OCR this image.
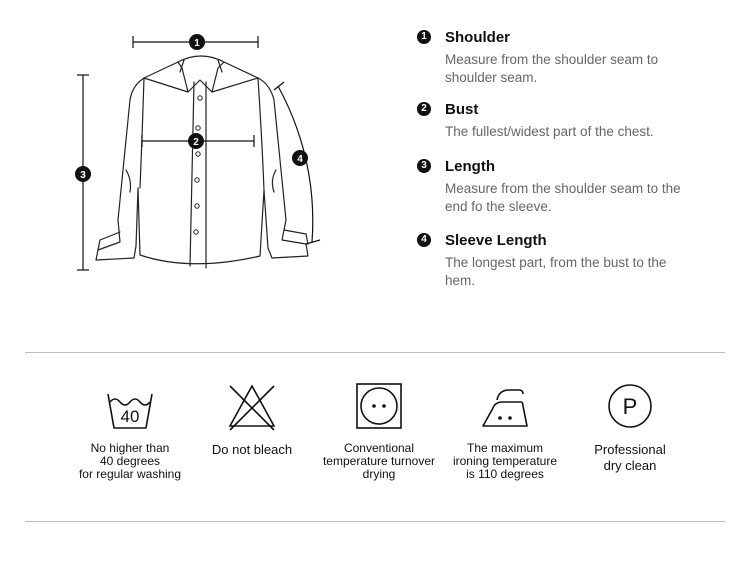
1
2
3
4
1 Shoulder
Measure from the shoulder seam to shoulder seam.
2 Bust
The fullest/widest part of the chest.
3 Length
Measure from the shoulder seam to the end fo the sleeve.
4 Sleeve Length
The longest part, from the bust to the hem.
40
No higher than
40 degrees
for regular washing
Do not bleach	Conventional
temperature turnover
drying
The maximum
ironing temperature
is 110 degrees
P
Professional
dry clean
